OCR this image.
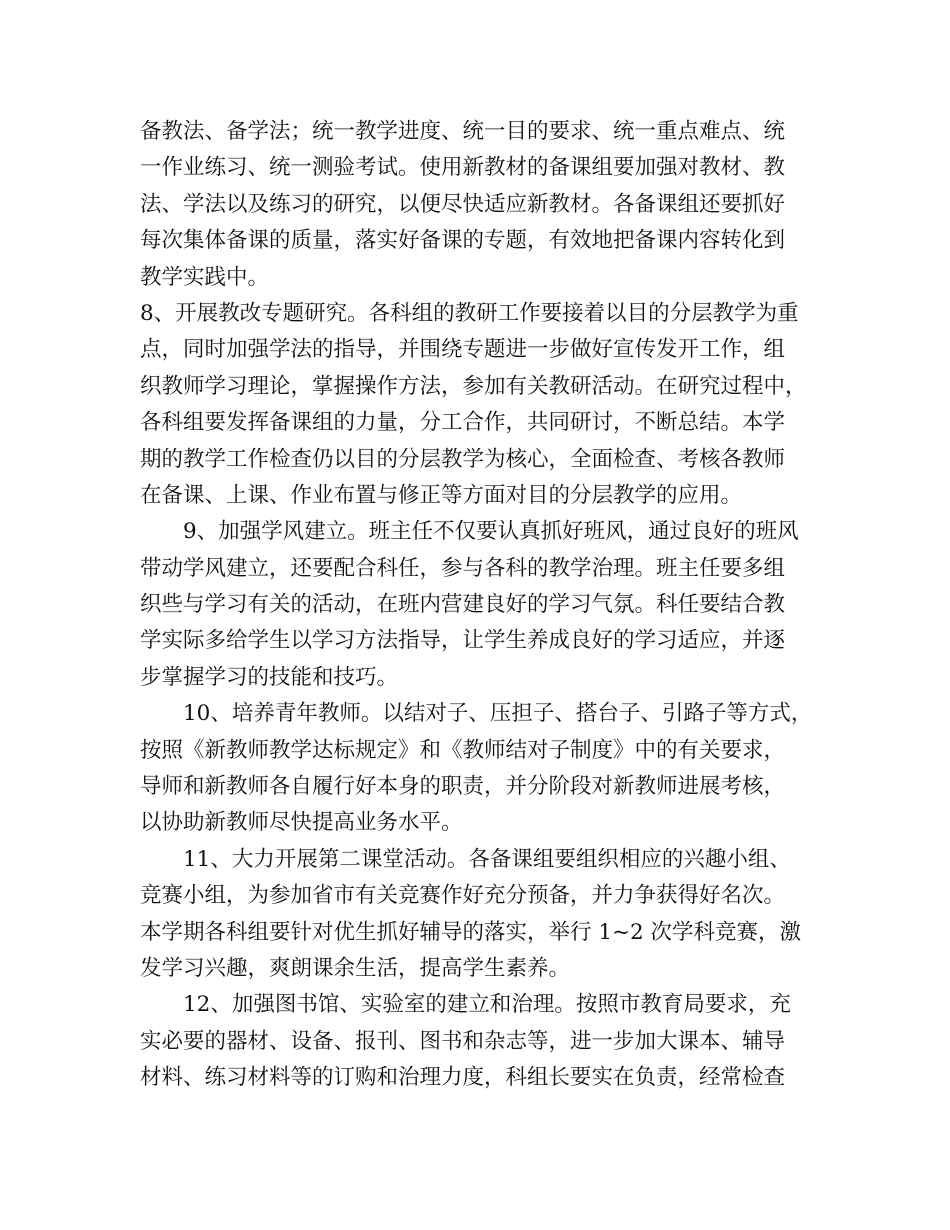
备教法、备学法；统一教学进度、统一目的要求、统一重点难点、统
一作业练习、统一测验考试。使用新教材的备课组要加强对教材、教
法、学法以及练习的研究，以便尽快适应新教材。各备课组还要抓好
每次集体备课的质量，落实好备课的专题，有效地把备课内容转化到
教学实践中。
8、开展教改专题研究。各科组的教研工作要接着以目的分层教学为重
点，同时加强学法的指导，并围绕专题进一步做好宣传发开工作，组
织教师学习理论，掌握操作方法，参加有关教研活动。在研究过程中，
各科组要发挥备课组的力量，分工合作，共同研讨，不断总结。本学
期的教学工作检查仍以目的分层教学为核心，全面检查、考核各教师
在备课、上课、作业布置与修正等方面对目的分层教学的应用。
9、加强学风建立。班主任不仅要认真抓好班风，通过良好的班风
带动学风建立，还要配合科任，参与各科的教学治理。班主任要多组
织些与学习有关的活动，在班内营建良好的学习气氛。科任要结合教
学实际多给学生以学习方法指导，让学生养成良好的学习适应，并逐
步掌握学习的技能和技巧。
10、培养青年教师。以结对子、压担子、搭台子、引路子等方式，
按照《新教师教学达标规定》和《教师结对子制度》中的有关要求，
导师和新教师各自履行好本身的职责，并分阶段对新教师进展考核，
以协助新教师尽快提高业务水平。
11、大力开展第二课堂活动。各备课组要组织相应的兴趣小组、
竞赛小组，为参加省市有关竞赛作好充分预备，并力争获得好名次。
本学期各科组要针对优生抓好辅导的落实，举行 1~2 次学科竞赛，激
发学习兴趣，爽朗课余生活，提高学生素养。
12、加强图书馆、实验室的建立和治理。按照市教育局要求，充
实必要的器材、设备、报刊、图书和杂志等，进一步加大课本、辅导
材料、练习材料等的订购和治理力度，科组长要实在负责，经常检查
